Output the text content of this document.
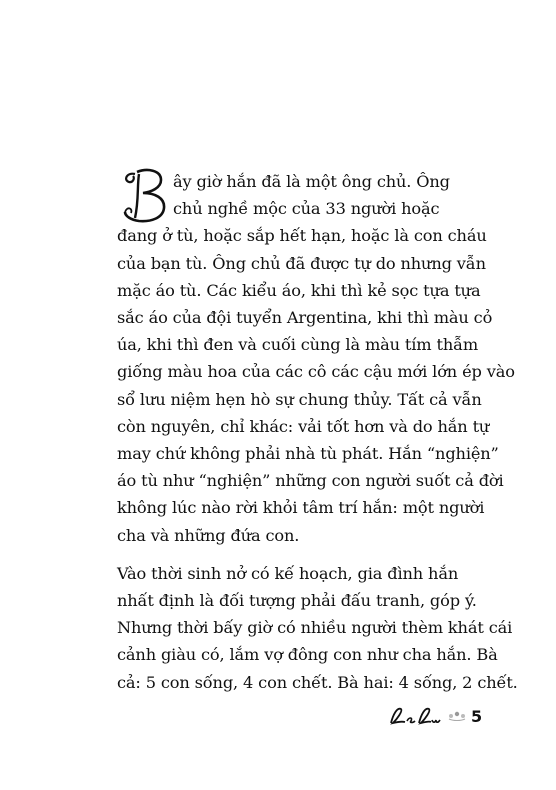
ây giờ hắn đã là một ông chủ. Ông
chủ nghề mộc của 33 người hoặc
đang ở tù, hoặc sắp hết hạn, hoặc là con cháu
của bạn tù. Ông chủ đã được tự do nhưng vẫn
mặc áo tù. Các kiểu áo, khi thì kẻ sọc tựa tựa
sắc áo của đội tuyển Argentina, khi thì màu cỏ
úa, khi thì đen và cuối cùng là màu tím thẫm
giống màu hoa của các cô các cậu mới lớn ép vào
sổ lưu niệm hẹn hò sự chung thủy. Tất cả vẫn
còn nguyên, chỉ khác: vải tốt hơn và do hắn tự
may chứ không phải nhà tù phát. Hắn “nghiện”
áo tù như “nghiện” những con người suốt cả đời
không lúc nào rời khỏi tâm trí hắn: một người
cha và những đứa con.
Vào thời sinh nở có kế hoạch, gia đình hắn
nhất định là đối tượng phải đấu tranh, góp ý.
Nhưng thời bấy giờ có nhiều người thèm khát cái
cảnh giàu có, lắm vợ đông con như cha hắn. Bà
cả: 5 con sống, 4 con chết. Bà hai: 4 sống, 2 chết.
5
